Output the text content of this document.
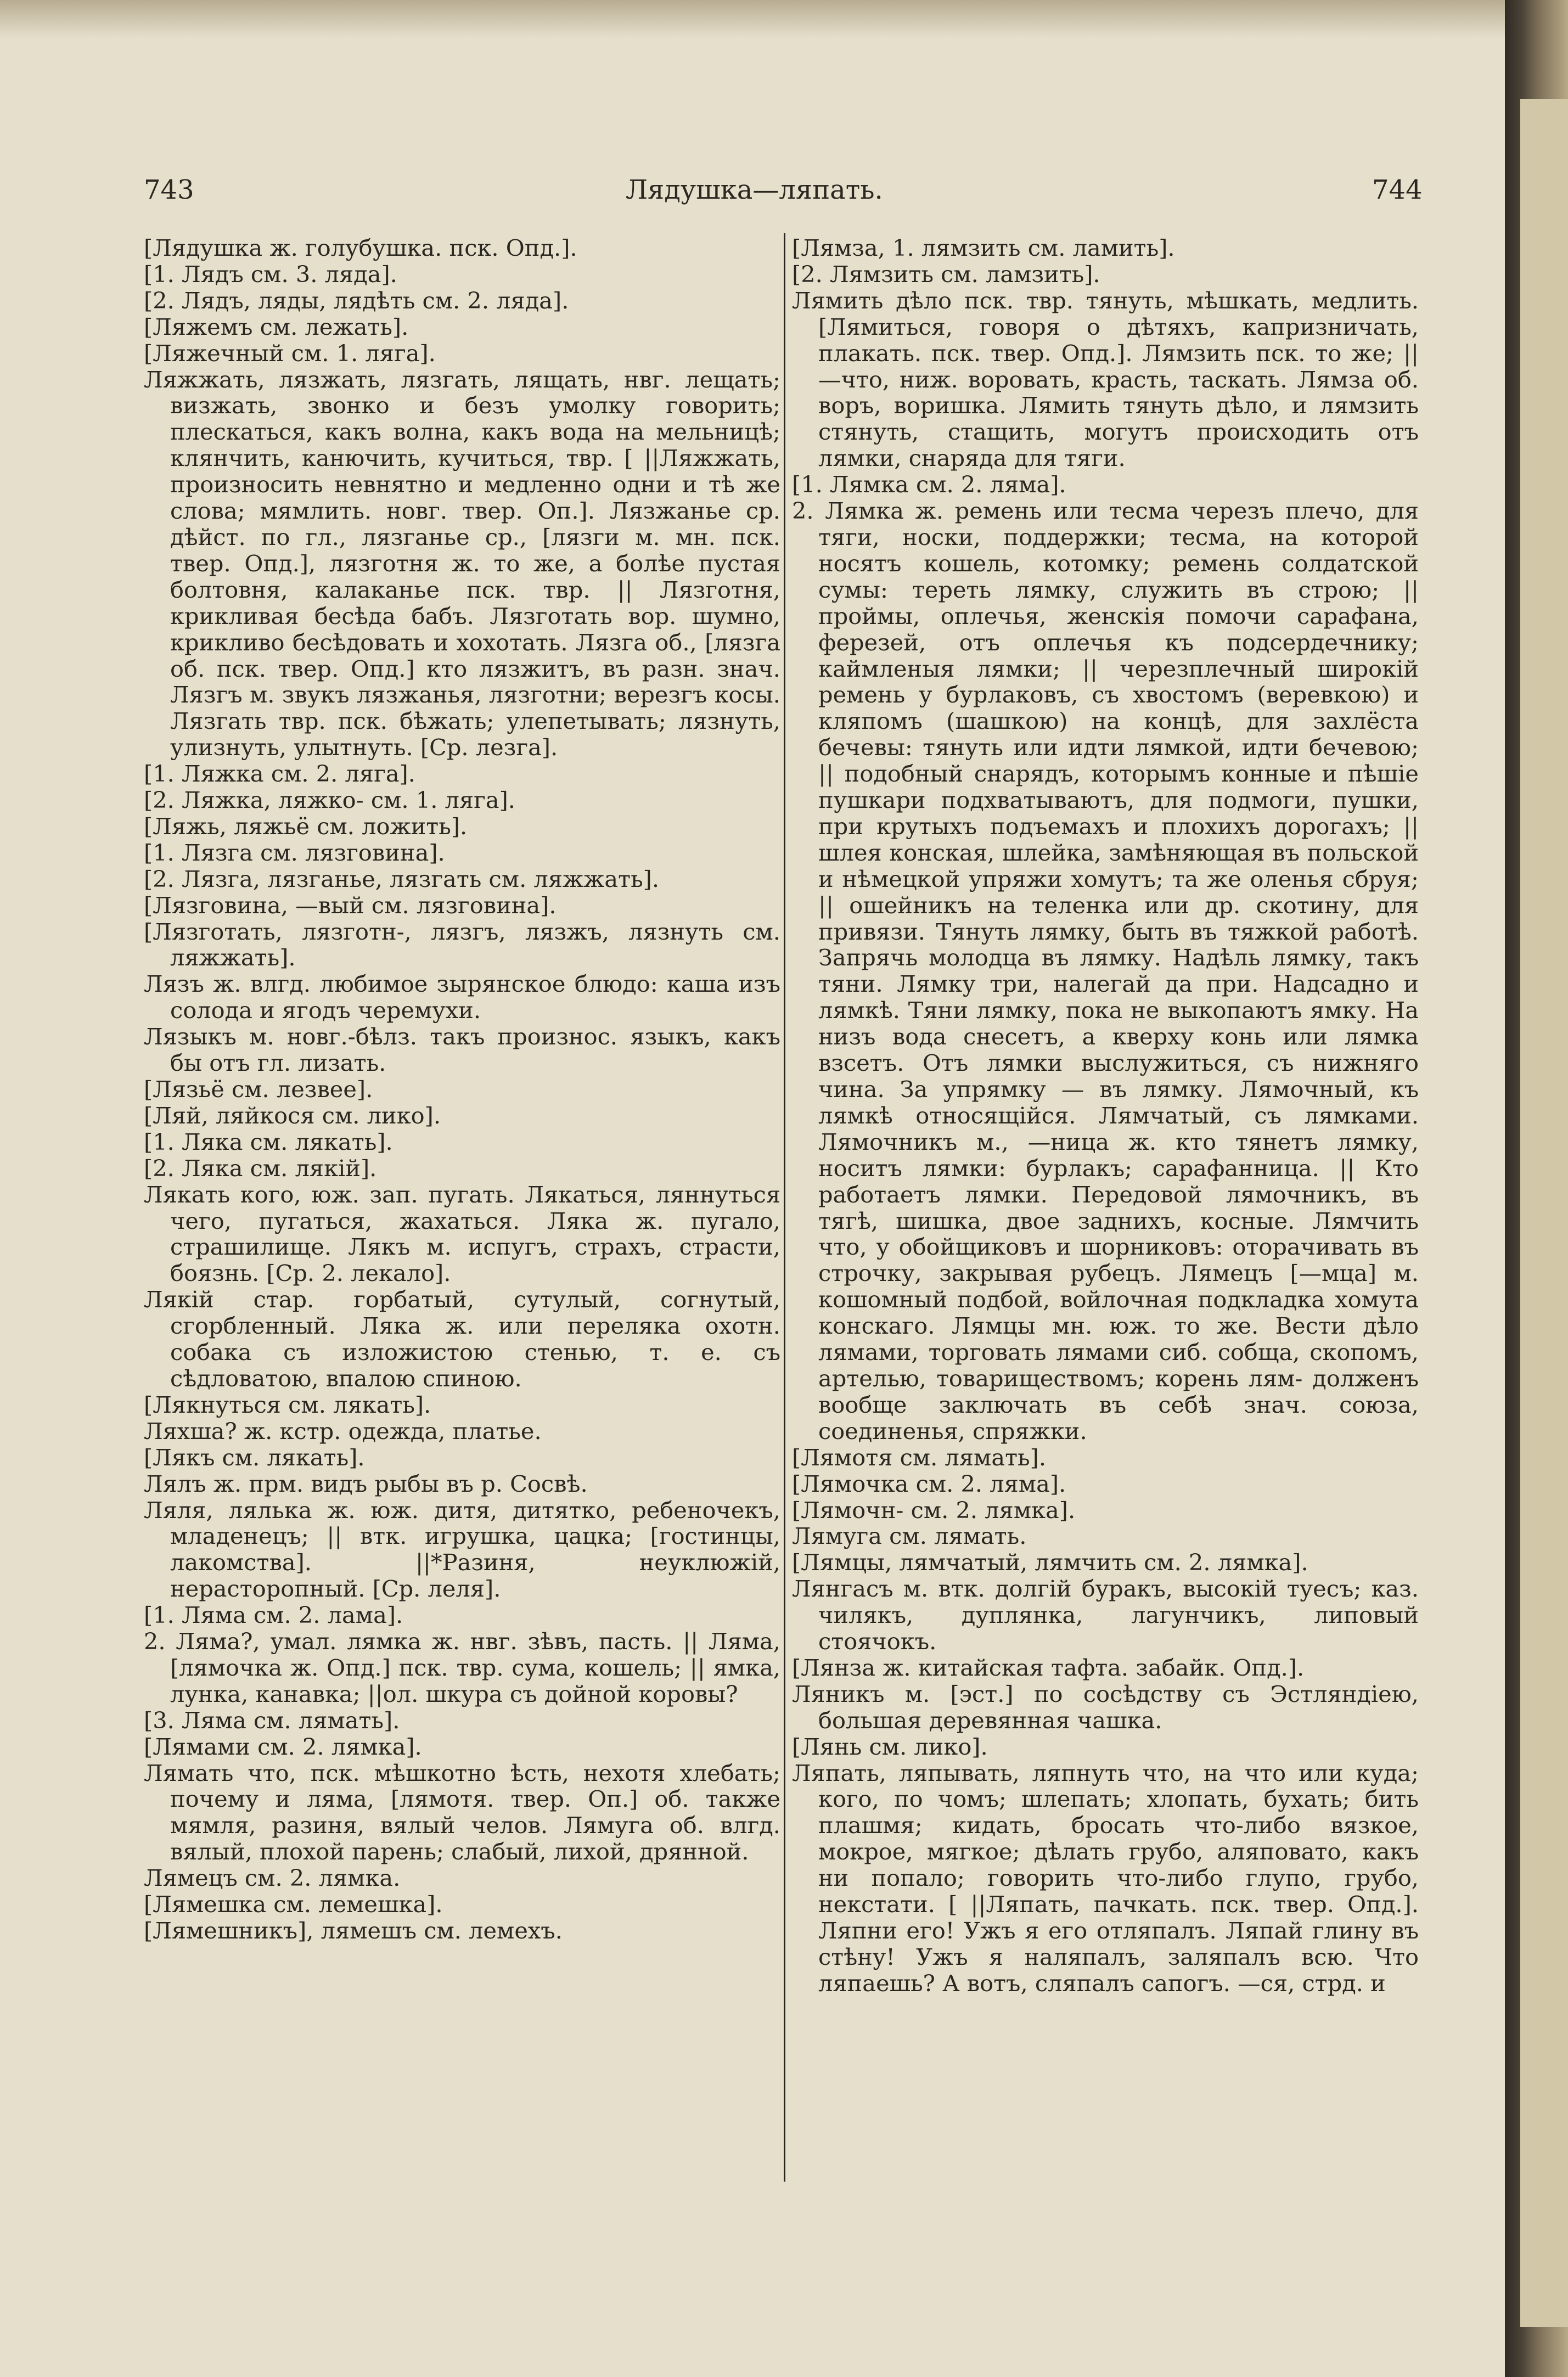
743	Лядушка—ляпать.	744

[Лядушка ж. голубушка. пск. Опд.].

[1. Лядъ см. 3. ляда].

[2. Лядъ, ляды, лядѣть см. 2. ляда].

[Ляжемъ см. лежать].

[Ляжечный см. 1. ляга].

Ляжжать, лязжать, лязгать, лящать, нвг. лещать; визжать, звонко и безъ умолку говорить; плескаться, какъ волна, какъ вода на мельницѣ; клянчить, канючить, кучиться, твр. [ ||Ляжжать, произносить невнятно и медленно одни и тѣ же слова; мямлить. новг. твер. Оп.]. Лязжанье ср. дѣйст. по гл., лязганье ср., [лязги м. мн. пск. твер. Опд.], лязготня ж. то же, а болѣе пустая болтовня, калаканье пск. твр. || Лязготня, крикливая бесѣда бабъ. Лязготать вор. шумно, крикливо бесѣдовать и хохотать. Лязга об., [лязга об. пск. твер. Опд.] кто лязжитъ, въ разн. знач. Лязгъ м. звукъ лязжанья, лязготни; верезгъ косы. Лязгать твр. пск. бѣжать; улепетывать; лязнуть, улизнуть, улытнуть. [Ср. лезга].

[1. Ляжка см. 2. ляга].

[2. Ляжка, ляжко- см. 1. ляга].

[Ляжь, ляжьё см. ложить].

[1. Лязга см. лязговина].

[2. Лязга, лязганье, лязгать см. ляжжать].

[Лязговина, —вый см. лязговина].

[Лязготать, лязготн-, лязгъ, лязжъ, лязнуть см. ляжжать].

Лязъ ж. влгд. любимое зырянское блюдо: каша изъ солода и ягодъ черемухи.

Лязыкъ м. новг.-бѣлз. такъ произнос. языкъ, какъ бы отъ гл. лизать.

[Лязьё см. лезвее].

[Ляй, ляйкося см. лико].

[1. Ляка см. лякать].

[2. Ляка см. лякій].

Лякать кого, юж. зап. пугать. Лякаться, ляннуться чего, пугаться, жахаться. Ляка ж. пугало, страшилище. Лякъ м. испугъ, страхъ, страсти, боязнь. [Ср. 2. лекало].

Лякій стар. горбатый, сутулый, согнутый, сгорбленный. Ляка ж. или переляка охотн. собака съ изложистою стенью, т. е. съ сѣдловатою, впалою спиною.

[Лякнуться см. лякать].

Ляхша? ж. кстр. одежда, платье.

[Лякъ см. лякать].

Лялъ ж. прм. видъ рыбы въ р. Сосвѣ.

Ляля, лялька ж. юж. дитя, дитятко, ребеночекъ, младенецъ; || втк. игрушка, цацка; [гостинцы, лакомства]. ||*Разиня, неуклюжій, нерасторопный. [Ср. леля].

[1. Ляма см. 2. лама].

2. Ляма?, умал. лямка ж. нвг. зѣвъ, пасть. || Ляма, [лямочка ж. Опд.] пск. твр. сума, кошель; || ямка, лунка, канавка; ||ол. шкура съ дойной коровы?

[3. Ляма см. лямать].

[Лямами см. 2. лямка].

Лямать что, пск. мѣшкотно ѣсть, нехотя хлебать; почему и ляма, [лямотя. твер. Оп.] об. также мямля, разиня, вялый челов. Лямуга об. влгд. вялый, плохой парень; слабый, лихой, дрянной.

Лямецъ см. 2. лямка.

[Лямешка см. лемешка].

[Лямешникъ], лямешъ см. лемехъ.

[Лямза, 1. лямзить см. ламить].

[2. Лямзить см. ламзить].

Лямить дѣло пск. твр. тянуть, мѣшкать, медлить. [Лямиться, говоря о дѣтяхъ, капризничать, плакать. пск. твер. Опд.]. Лямзить пск. то же; || —что, ниж. воровать, красть, таскать. Лямза об. воръ, воришка. Лямить тянуть дѣло, и лямзить стянуть, стащить, могутъ происходить отъ лямки, снаряда для тяги.

[1. Лямка см. 2. ляма].

2. Лямка ж. ремень или тесма черезъ плечо, для тяги, носки, поддержки; тесма, на которой носятъ кошель, котомку; ремень солдатской сумы: тереть лямку, служить въ строю; || проймы, оплечья, женскія помочи сарафана, ферезей, отъ оплечья къ подсердечнику; каймленыя лямки; || черезплечный широкій ремень у бурлаковъ, съ хвостомъ (веревкою) и кляпомъ (шашкою) на концѣ, для захлёста бечевы: тянуть или идти лямкой, идти бечевою; || подобный снарядъ, которымъ конные и пѣшіе пушкари подхватываютъ, для подмоги, пушки, при крутыхъ подъемахъ и плохихъ дорогахъ; || шлея конская, шлейка, замѣняющая въ польской и нѣмецкой упряжи хомутъ; та же оленья сбруя; || ошейникъ на теленка или др. скотину, для привязи. Тянуть лямку, быть въ тяжкой работѣ. Запрячь молодца въ лямку. Надѣль лямку, такъ тяни. Лямку три, налегай да при. Надсадно и лямкѣ. Тяни лямку, пока не выкопаютъ ямку. На низъ вода снесетъ, а кверху конь или лямка взсетъ. Отъ лямки выслужиться, съ нижняго чина. За упрямку — въ лямку. Лямочный, къ лямкѣ относящійся. Лямчатый, съ лямками. Лямочникъ м., —ница ж. кто тянетъ лямку, носитъ лямки: бурлакъ; сарафанница. || Кто работаетъ лямки. Передовой лямочникъ, въ тягѣ, шишка, двое заднихъ, косные. Лямчить что, у обойщиковъ и шорниковъ: оторачивать въ строчку, закрывая рубецъ. Лямецъ [—мца] м. кошомный подбой, войлочная подкладка хомута конскаго. Лямцы мн. юж. то же. Вести дѣло лямами, торговать лямами сиб. собща, скопомъ, артелью, товариществомъ; корень лям- долженъ вообще заключать въ себѣ знач. союза, соединенья, спряжки.

[Лямотя см. лямать].

[Лямочка см. 2. ляма].

[Лямочн- см. 2. лямка].

Лямуга см. лямать.

[Лямцы, лямчатый, лямчить см. 2. лямка].

Лянгасъ м. втк. долгій буракъ, высокій туесъ; каз. чилякъ, дуплянка, лагунчикъ, липовый стоячокъ.

[Лянза ж. китайская тафта. забайк. Опд.].

Ляникъ м. [эст.] по сосѣдству съ Эстляндіею, большая деревянная чашка.

[Лянь см. лико].

Ляпать, ляпывать, ляпнуть что, на что или куда; кого, по чомъ; шлепать; хлопать, бухать; бить плашмя; кидать, бросать что-либо вязкое, мокрое, мягкое; дѣлать грубо, аляповато, какъ ни попало; говорить что-либо глупо, грубо, некстати. [ ||Ляпать, пачкать. пск. твер. Опд.]. Ляпни его! Ужъ я его отляпалъ. Ляпай глину въ стѣну! Ужъ я наляпалъ, заляпалъ всю. Что ляпаешь? А вотъ, сляпалъ сапогъ. —ся, стрд. и
